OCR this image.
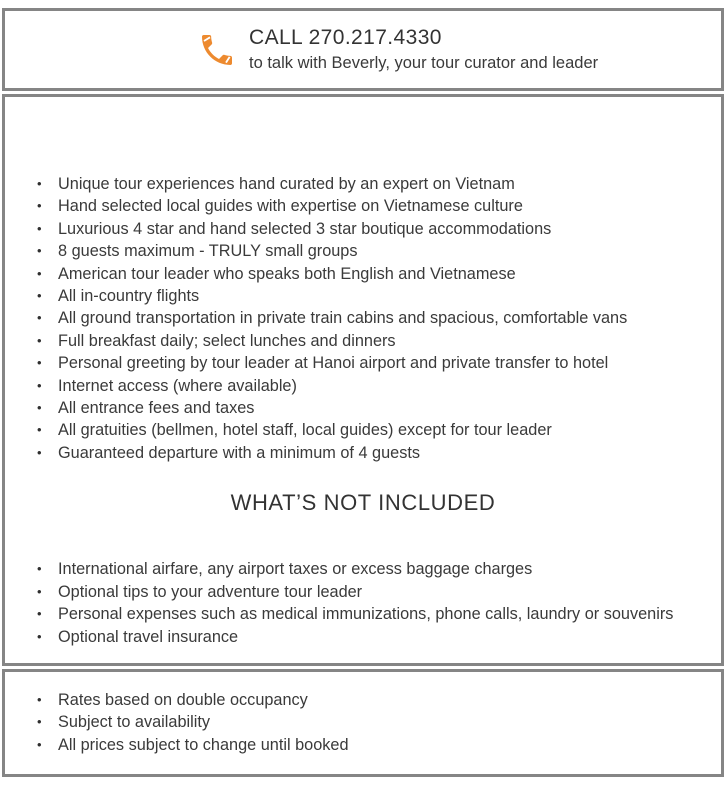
CALL 270.217.4330
to talk with Beverly, your tour curator and leader
• Unique tour experiences hand curated by an expert on Vietnam
• Hand selected local guides with expertise on Vietnamese culture
• Luxurious 4 star and hand selected 3 star boutique accommodations
• 8 guests maximum - TRULY small groups
• American tour leader who speaks both English and Vietnamese
• All in-country flights
• All ground transportation in private train cabins and spacious, comfortable vans
• Full breakfast daily; select lunches and dinners
• Personal greeting by tour leader at Hanoi airport and private transfer to hotel
• Internet access (where available)
• All entrance fees and taxes
• All gratuities (bellmen, hotel staff, local guides) except for tour leader
• Guaranteed departure with a minimum of 4 guests
WHAT’S NOT INCLUDED
• International airfare, any airport taxes or excess baggage charges
• Optional tips to your adventure tour leader
• Personal expenses such as medical immunizations, phone calls, laundry or souvenirs
• Optional travel insurance
• Rates based on double occupancy
• Subject to availability
• All prices subject to change until booked
